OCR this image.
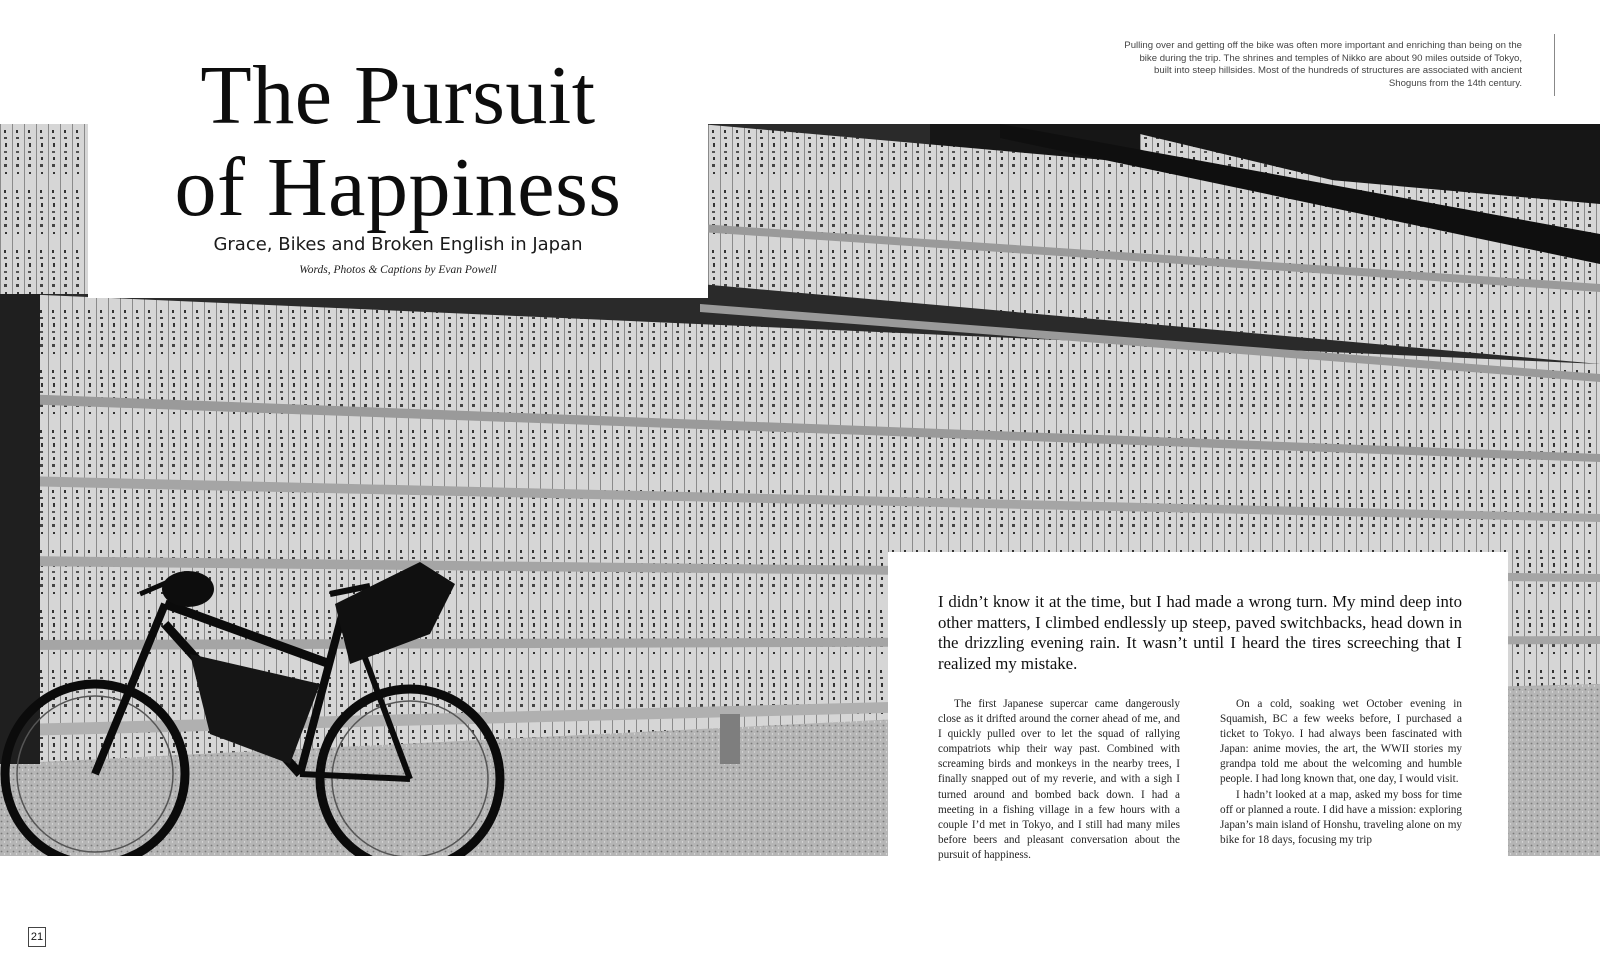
The Pursuit
of Happiness
Grace, Bikes and Broken English in Japan
Words, Photos & Captions by Evan Powell
Pulling over and getting off the bike was often more important and enriching than being on the bike during the trip. The shrines and temples of Nikko are about 90 miles outside of Tokyo, built into steep hillsides. Most of the hundreds of structures are associated with ancient Shoguns from the 14th century.

I didn’t know it at the time, but I had made a wrong turn. My mind deep into other matters, I climbed endlessly up steep, paved switchbacks, head down in the drizzling evening rain. It wasn’t until I heard the tires screeching that I realized my mistake.

The first Japanese supercar came dangerously close as it drifted around the corner ahead of me, and I quickly pulled over to let the squad of rallying compatriots whip their way past. Combined with screaming birds and monkeys in the nearby trees, I finally snapped out of my reverie, and with a sigh I turned around and bombed back down. I had a meeting in a fishing village in a few hours with a couple I’d met in Tokyo, and I still had many miles before beers and pleasant conversation about the pursuit of happiness.

On a cold, soaking wet October evening in Squamish, BC a few weeks before, I purchased a ticket to Tokyo. I had always been fascinated with Japan: anime movies, the art, the WWII stories my grandpa told me about the welcoming and humble people. I had long known that, one day, I would visit.

I hadn’t looked at a map, asked my boss for time off or planned a route. I did have a mission: exploring Japan’s main island of Honshu, traveling alone on my bike for 18 days, focusing my trip

21
